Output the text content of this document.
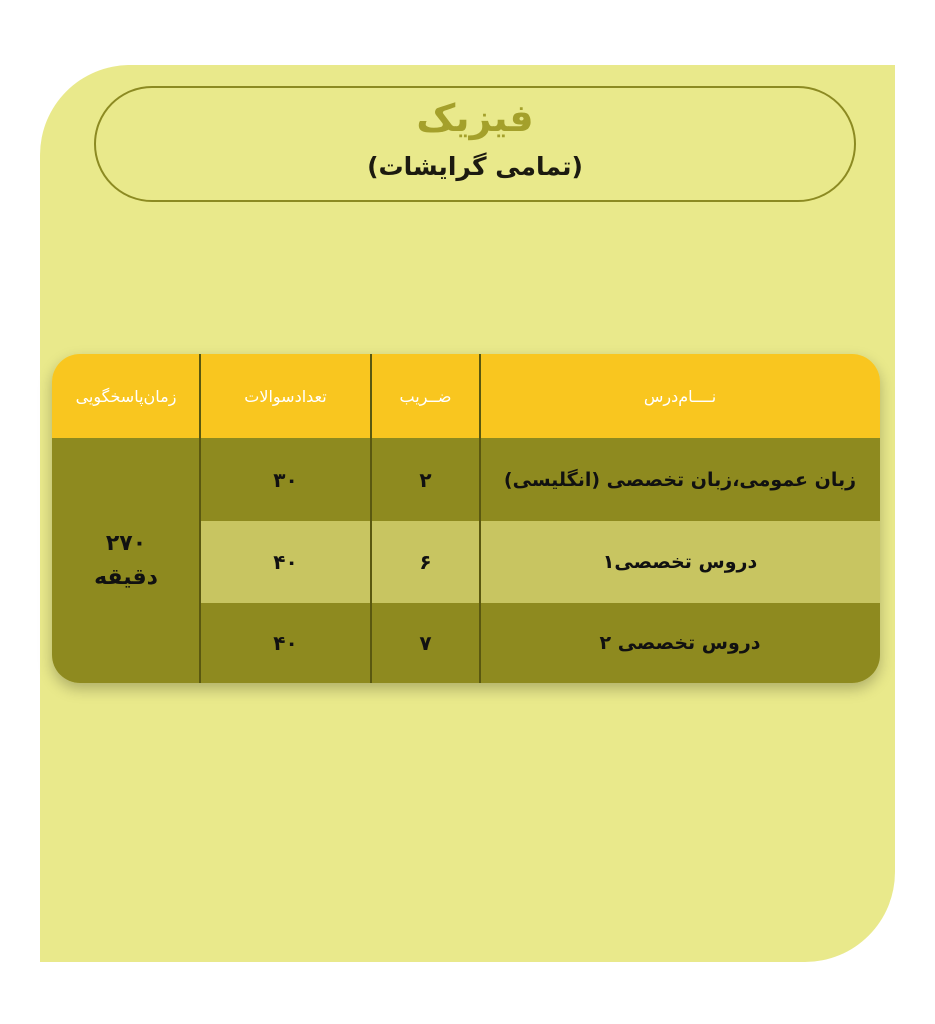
فیزیک
(تمامی گرایشات)
نــــام‌درس
ضــریب
تعدادسوالات
زمان‌پاسخگویی
زبان عمومی،زبان تخصصی (انگلیسی)
۲
۳۰
دروس تخصصی۱
۶
۴۰
دروس تخصصی ۲
۷
۴۰
۲۷۰
دقیقه
